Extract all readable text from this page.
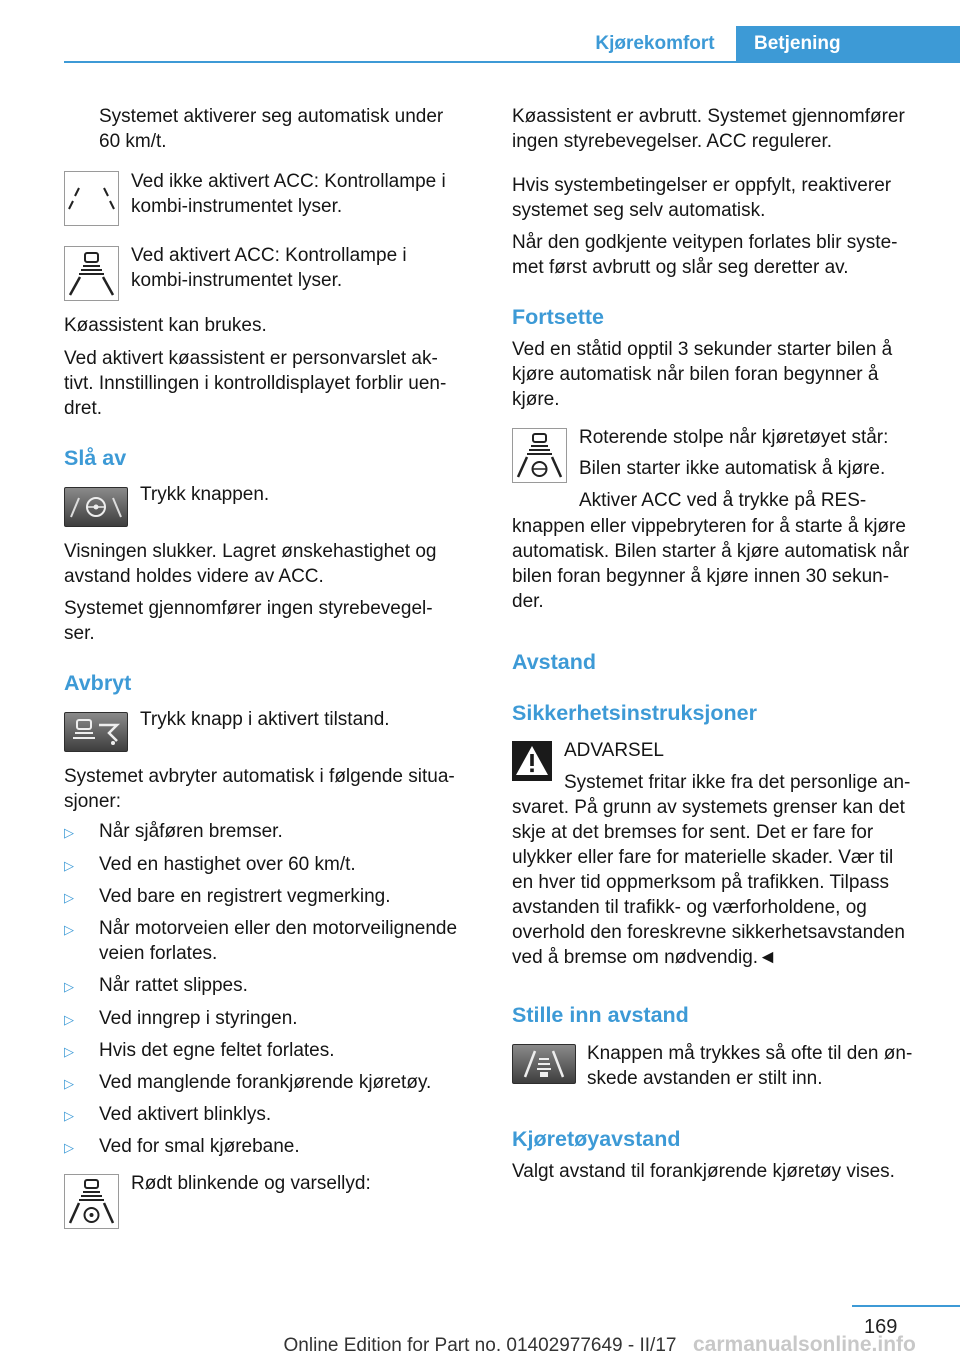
Kjørekomfort	Betjening

Systemet aktiverer seg automatisk under

60 km/t.

Ved ikke aktivert ACC: Kontrollampe i

kombi-instrumentet lyser.

Ved aktivert ACC: Kontrollampe i

kombi-instrumentet lyser.

Køassistent kan brukes.

Ved aktivert køassistent er personvarslet ak-

tivt. Innstillingen i kontrolldisplayet forblir uen-

dret.

Slå av

Trykk knappen.

Visningen slukker. Lagret ønskehastighet og

avstand holdes videre av ACC.

Systemet gjennomfører ingen styrebevegel-

ser.

Avbryt

Trykk knapp i aktivert tilstand.

Systemet avbryter automatisk i følgende situa-

sjoner:

▷ Når sjåføren bremser.

▷ Ved en hastighet over 60 km/t.

▷ Ved bare en registrert vegmerking.

▷ Når motorveien eller den motorveilignende

veien forlates.

▷ Når rattet slippes.

▷ Ved inngrep i styringen.

▷ Hvis det egne feltet forlates.

▷ Ved manglende forankjørende kjøretøy.

▷ Ved aktivert blinklys.

▷ Ved for smal kjørebane.

Rødt blinkende og varsellyd:

Køassistent er avbrutt. Systemet gjennomfører

ingen styrebevegelser. ACC regulerer.

Hvis systembetingelser er oppfylt, reaktiverer

systemet seg selv automatisk.

Når den godkjente veitypen forlates blir syste-

met først avbrutt og slår seg deretter av.

Fortsette

Ved en ståtid opptil 3 sekunder starter bilen å

kjøre automatisk når bilen foran begynner å

kjøre.

Roterende stolpe når kjøretøyet står:

Bilen starter ikke automatisk å kjøre.

Aktiver ACC ved å trykke på RES-

knappen eller vippebryteren for å starte å kjøre

automatisk. Bilen starter å kjøre automatisk når

bilen foran begynner å kjøre innen 30 sekun-

der.

Avstand
Sikkerhetsinstruksjoner

ADVARSEL

Systemet fritar ikke fra det personlige an-

svaret. På grunn av systemets grenser kan det

skje at det bremses for sent. Det er fare for

ulykker eller fare for materielle skader. Vær til

en hver tid oppmerksom på trafikken. Tilpass

avstanden til trafikk- og værforholdene, og

overhold den foreskrevne sikkerhetsavstanden

ved å bremse om nødvendig.◄

Stille inn avstand

Knappen må trykkes så ofte til den øn-

skede avstanden er stilt inn.

Kjøretøyavstand

Valgt avstand til forankjørende kjøretøy vises.

169
Online Edition for Part no. 01402977649 - II/17 carmanualsonline.info
